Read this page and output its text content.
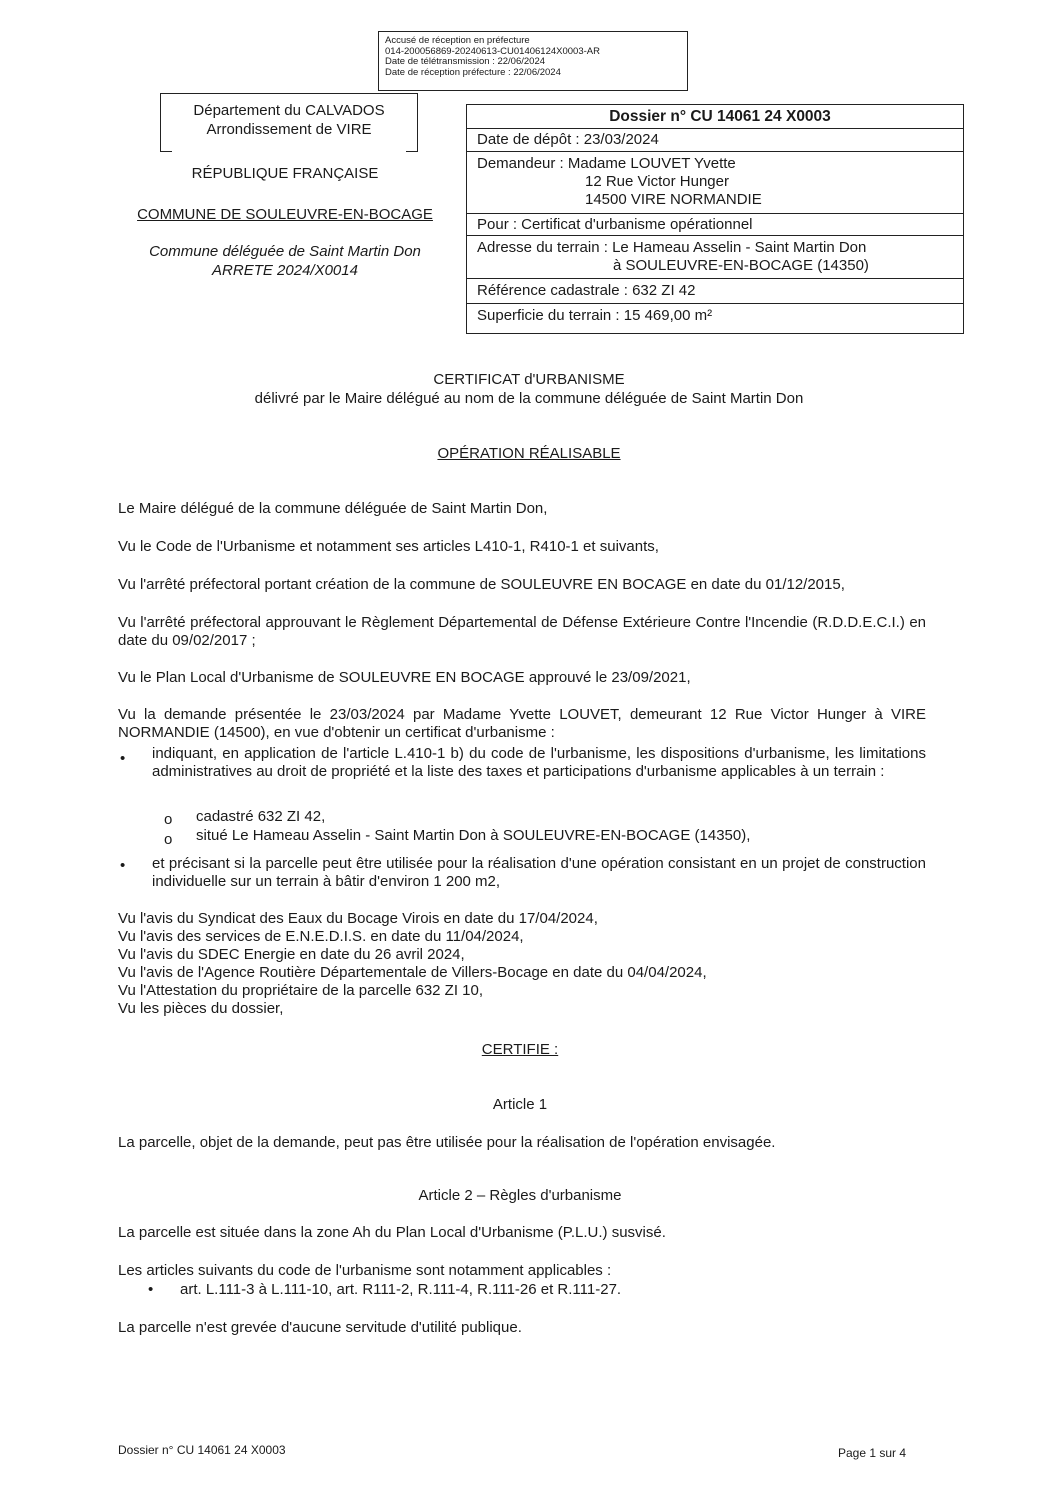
Accusé de réception en préfecture
014-200056869-20240613-CU01406124X0003-AR
Date de télétransmission : 22/06/2024
Date de réception préfecture : 22/06/2024
Département du CALVADOS
Arrondissement de VIRE
RÉPUBLIQUE FRANÇAISE
COMMUNE DE SOULEUVRE-EN-BOCAGE
Commune déléguée de Saint Martin Don
ARRETE 2024/X0014
Dossier n° CU 14061 24 X0003
Date de dépôt : 23/03/2024
Demandeur : Madame LOUVET Yvette
12 Rue Victor Hunger
14500 VIRE NORMANDIE
Pour : Certificat d'urbanisme opérationnel
Adresse du terrain : Le Hameau Asselin - Saint Martin Don
à SOULEUVRE-EN-BOCAGE (14350)
Référence cadastrale : 632 ZI 42
Superficie du terrain : 15 469,00 m²
CERTIFICAT d'URBANISME
délivré par le Maire délégué au nom de la commune déléguée de Saint Martin Don
OPÉRATION RÉALISABLE
Le Maire délégué de la commune déléguée de Saint Martin Don,
Vu le Code de l'Urbanisme et notamment ses articles L410-1, R410-1 et suivants,
Vu l'arrêté préfectoral portant création de la commune de SOULEUVRE EN BOCAGE en date du 01/12/2015,
Vu l'arrêté préfectoral approuvant le Règlement Départemental de Défense Extérieure Contre l'Incendie (R.D.D.E.C.I.) en date du 09/02/2017 ;
Vu le Plan Local d'Urbanisme de SOULEUVRE EN BOCAGE approuvé le 23/09/2021,
Vu la demande présentée le 23/03/2024 par Madame Yvette LOUVET, demeurant 12 Rue Victor Hunger à VIRE NORMANDIE (14500), en vue d'obtenir un certificat d'urbanisme :
•	indiquant, en application de l'article L.410-1 b) du code de l'urbanisme, les dispositions d'urbanisme, les limitations administratives au droit de propriété et la liste des taxes et participations d'urbanisme applicables à un terrain :
o cadastré 632 ZI 42,
o situé Le Hameau Asselin - Saint Martin Don à SOULEUVRE-EN-BOCAGE (14350),
•	et précisant si la parcelle peut être utilisée pour la réalisation d'une opération consistant en un projet de construction individuelle sur un terrain à bâtir d'environ 1 200 m2,
Vu l'avis du Syndicat des Eaux du Bocage Virois en date du 17/04/2024,
Vu l'avis des services de E.N.E.D.I.S. en date du 11/04/2024,
Vu l'avis du SDEC Energie en date du 26 avril 2024,
Vu l'avis de l'Agence Routière Départementale de Villers-Bocage en date du 04/04/2024,
Vu l'Attestation du propriétaire de la parcelle 632 ZI 10,
Vu les pièces du dossier,
CERTIFIE :
Article 1
La parcelle, objet de la demande, peut pas être utilisée pour la réalisation de l'opération envisagée.
Article 2 – Règles d'urbanisme
La parcelle est située dans la zone Ah du Plan Local d'Urbanisme (P.L.U.) susvisé.
Les articles suivants du code de l'urbanisme sont notamment applicables :
• art. L.111-3 à L.111-10, art. R111-2, R.111-4, R.111-26 et R.111-27.
La parcelle n'est grevée d'aucune servitude d'utilité publique.
Dossier n° CU 14061 24 X0003	Page 1 sur 4
